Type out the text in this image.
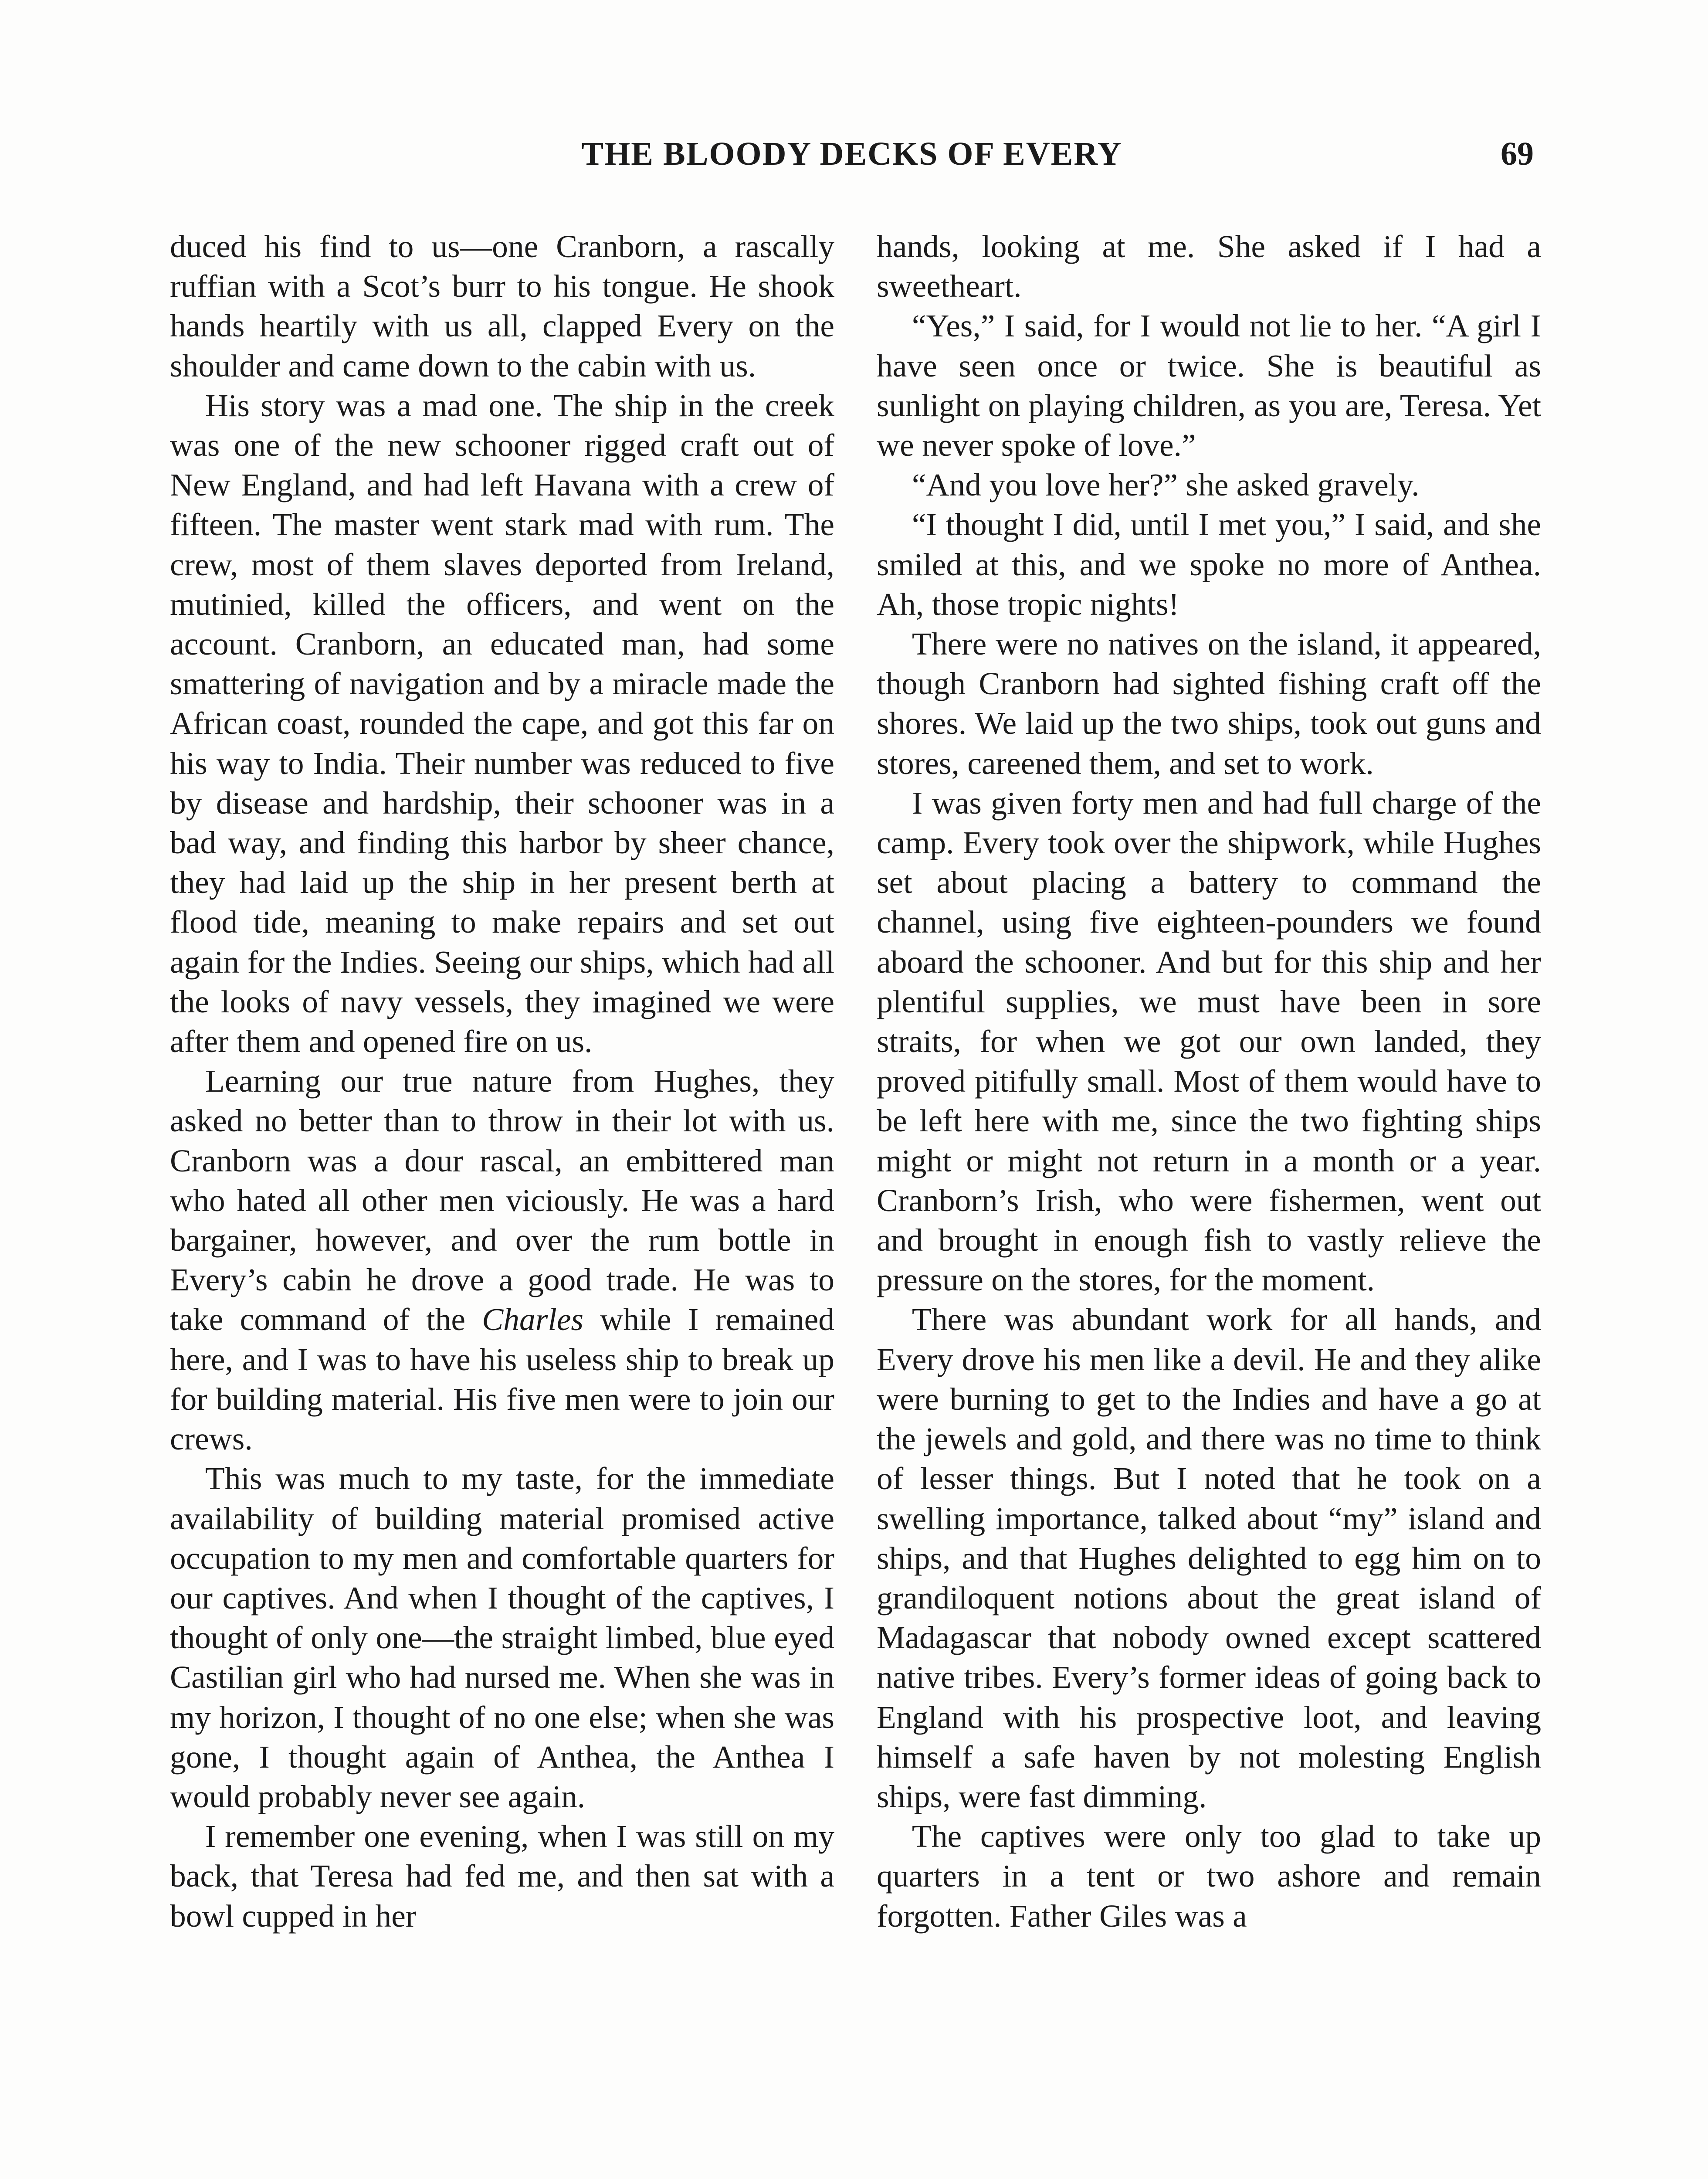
THE BLOODY DECKS OF EVERY	69

duced his find to us—one Cranborn, a rascally ruffian with a Scot’s burr to his tongue. He shook hands heartily with us all, clapped Every on the shoulder and came down to the cabin with us.

His story was a mad one. The ship in the creek was one of the new schooner rigged craft out of New England, and had left Havana with a crew of fifteen. The master went stark mad with rum. The crew, most of them slaves deported from Ireland, mutinied, killed the officers, and went on the account. Cranborn, an educated man, had some smattering of navigation and by a miracle made the African coast, rounded the cape, and got this far on his way to India. Their number was reduced to five by disease and hardship, their schooner was in a bad way, and finding this harbor by sheer chance, they had laid up the ship in her present berth at flood tide, meaning to make repairs and set out again for the Indies. Seeing our ships, which had all the looks of navy vessels, they imagined we were after them and opened fire on us.

Learning our true nature from Hughes, they asked no better than to throw in their lot with us. Cranborn was a dour rascal, an embittered man who hated all other men viciously. He was a hard bargainer, however, and over the rum bottle in Every’s cabin he drove a good trade. He was to take command of the Charles while I remained here, and I was to have his useless ship to break up for building material. His five men were to join our crews.

This was much to my taste, for the immediate availability of building material promised active occupation to my men and comfortable quarters for our captives. And when I thought of the captives, I thought of only one—the straight limbed, blue eyed Castilian girl who had nursed me. When she was in my horizon, I thought of no one else; when she was gone, I thought again of Anthea, the Anthea I would probably never see again.

I remember one evening, when I was still on my back, that Teresa had fed me, and then sat with a bowl cupped in her

hands, looking at me. She asked if I had a sweetheart.

“Yes,” I said, for I would not lie to her. “A girl I have seen once or twice. She is beautiful as sunlight on playing children, as you are, Teresa. Yet we never spoke of love.”

“And you love her?” she asked gravely.

“I thought I did, until I met you,” I said, and she smiled at this, and we spoke no more of Anthea. Ah, those tropic nights!

There were no natives on the island, it appeared, though Cranborn had sighted fishing craft off the shores. We laid up the two ships, took out guns and stores, careened them, and set to work.

I was given forty men and had full charge of the camp. Every took over the shipwork, while Hughes set about placing a battery to command the channel, using five eighteen-pounders we found aboard the schooner. And but for this ship and her plentiful supplies, we must have been in sore straits, for when we got our own landed, they proved pitifully small. Most of them would have to be left here with me, since the two fighting ships might or might not return in a month or a year. Cranborn’s Irish, who were fishermen, went out and brought in enough fish to vastly relieve the pressure on the stores, for the moment.

There was abundant work for all hands, and Every drove his men like a devil. He and they alike were burning to get to the Indies and have a go at the jewels and gold, and there was no time to think of lesser things. But I noted that he took on a swelling importance, talked about “my” island and ships, and that Hughes delighted to egg him on to grandiloquent notions about the great island of Madagascar that nobody owned except scattered native tribes. Every’s former ideas of going back to England with his prospective loot, and leaving himself a safe haven by not molesting English ships, were fast dimming.

The captives were only too glad to take up quarters in a tent or two ashore and remain forgotten. Father Giles was a
